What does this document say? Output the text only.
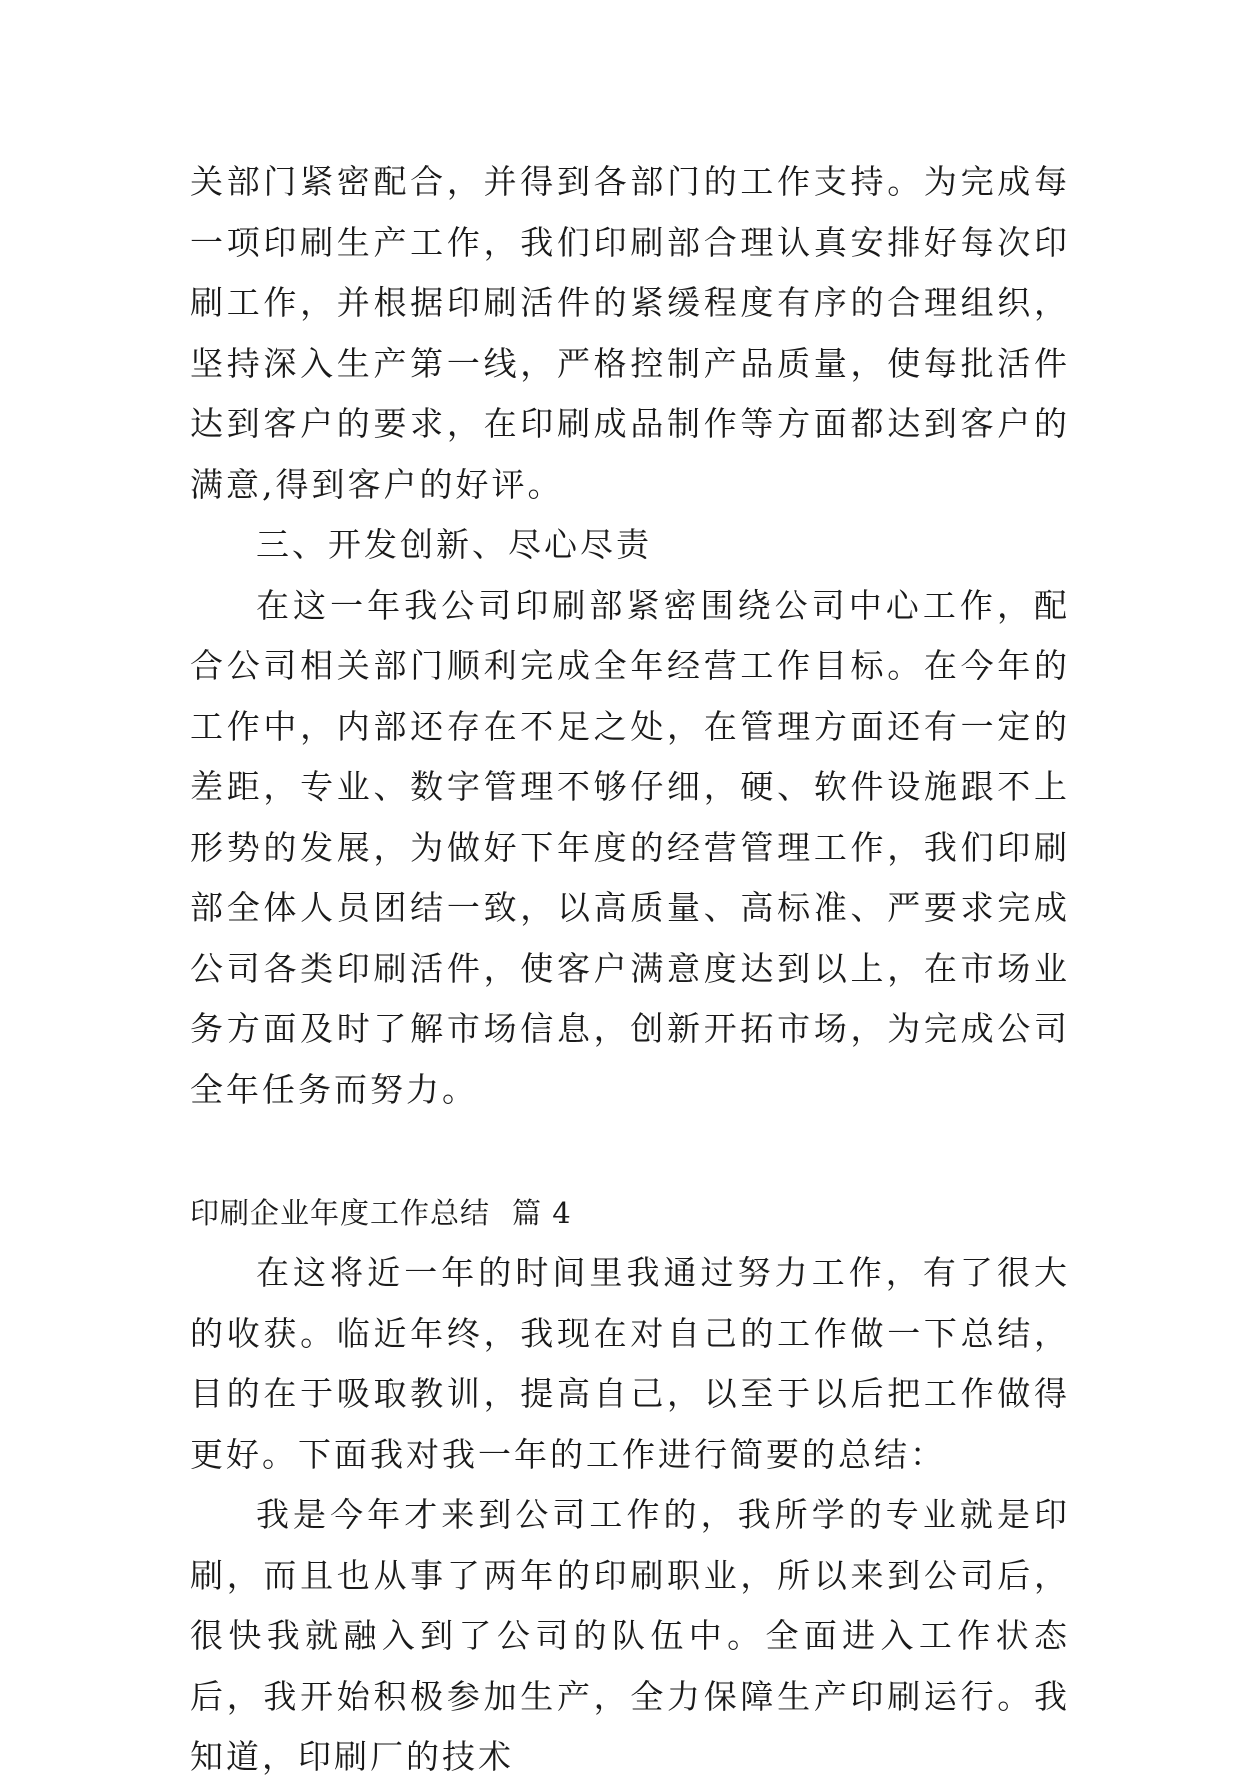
关部门紧密配合，并得到各部门的工作支持。为完成每一项印刷生产工作，我们印刷部合理认真安排好每次印刷工作，并根据印刷活件的紧缓程度有序的合理组织，坚持深入生产第一线，严格控制产品质量，使每批活件达到客户的要求，在印刷成品制作等方面都达到客户的满意,得到客户的好评。

三、开发创新、尽心尽责

在这一年我公司印刷部紧密围绕公司中心工作，配合公司相关部门顺利完成全年经营工作目标。在今年的工作中，内部还存在不足之处，在管理方面还有一定的差距，专业、数字管理不够仔细，硬、软件设施跟不上形势的发展，为做好下年度的经营管理工作，我们印刷部全体人员团结一致，以高质量、高标准、严要求完成公司各类印刷活件，使客户满意度达到以上，在市场业务方面及时了解市场信息，创新开拓市场，为完成公司全年任务而努力。

印刷企业年度工作总结 篇 4

在这将近一年的时间里我通过努力工作，有了很大的收获。临近年终，我现在对自己的工作做一下总结，目的在于吸取教训，提高自己，以至于以后把工作做得更好。下面我对我一年的工作进行简要的总结：

我是今年才来到公司工作的，我所学的专业就是印刷，而且也从事了两年的印刷职业，所以来到公司后，很快我就融入到了公司的队伍中。全面进入工作状态后，我开始积极参加生产，全力保障生产印刷运行。我知道，印刷厂的技术
